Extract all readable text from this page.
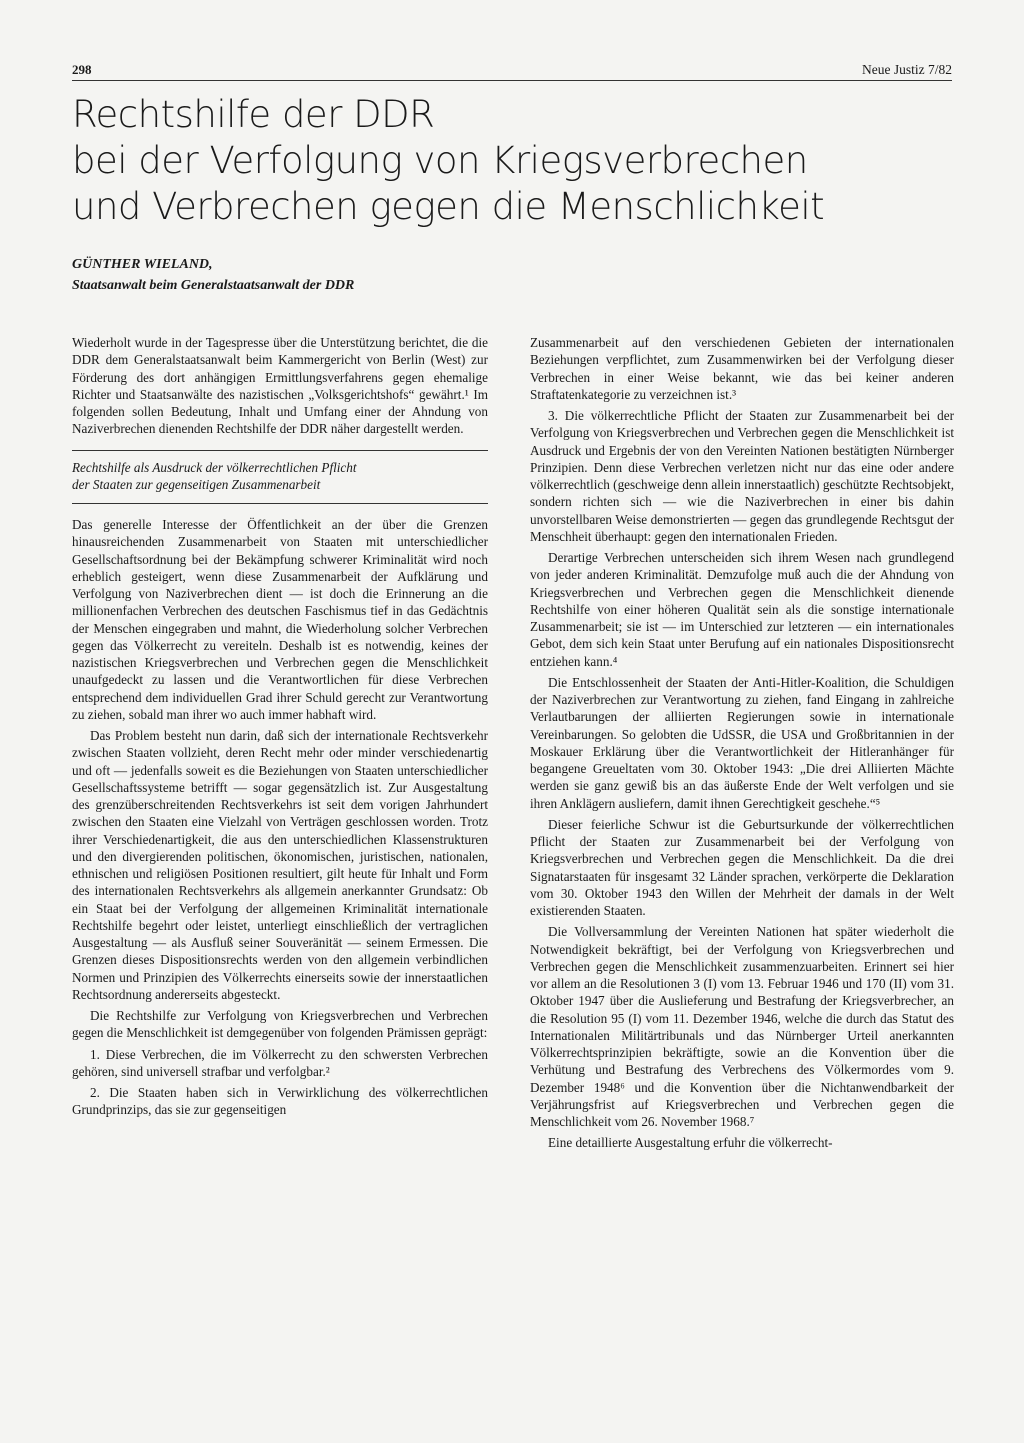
298	Neue Justiz 7/82
Rechtshilfe der DDR
bei der Verfolgung von Kriegsverbrechen
und Verbrechen gegen die Menschlichkeit
GÜNTHER WIELAND,
Staatsanwalt beim Generalstaatsanwalt der DDR

Wiederholt wurde in der Tagespresse über die Unterstützung berichtet, die die DDR dem Generalstaatsanwalt beim Kammergericht von Berlin (West) zur Förderung des dort anhängigen Ermittlungsverfahrens gegen ehemalige Richter und Staatsanwälte des nazistischen „Volksgerichtshofs“ gewährt.¹ Im folgenden sollen Bedeutung, Inhalt und Umfang einer der Ahndung von Naziverbrechen dienenden Rechtshilfe der DDR näher dargestellt werden.

Rechtshilfe als Ausdruck der völkerrechtlichen Pflicht
der Staaten zur gegenseitigen Zusammenarbeit

Das generelle Interesse der Öffentlichkeit an der über die Grenzen hinausreichenden Zusammenarbeit von Staaten mit unterschiedlicher Gesellschaftsordnung bei der Bekämpfung schwerer Kriminalität wird noch erheblich gesteigert, wenn diese Zusammenarbeit der Aufklärung und Verfolgung von Naziverbrechen dient — ist doch die Erinnerung an die millionenfachen Verbrechen des deutschen Faschismus tief in das Gedächtnis der Menschen eingegraben und mahnt, die Wiederholung solcher Verbrechen gegen das Völkerrecht zu vereiteln. Deshalb ist es notwendig, keines der nazistischen Kriegsverbrechen und Verbrechen gegen die Menschlichkeit unaufgedeckt zu lassen und die Verantwortlichen für diese Verbrechen entsprechend dem individuellen Grad ihrer Schuld gerecht zur Verantwortung zu ziehen, sobald man ihrer wo auch immer habhaft wird.

Das Problem besteht nun darin, daß sich der internationale Rechtsverkehr zwischen Staaten vollzieht, deren Recht mehr oder minder verschiedenartig und oft — jedenfalls soweit es die Beziehungen von Staaten unterschiedlicher Gesellschaftssysteme betrifft — sogar gegensätzlich ist. Zur Ausgestaltung des grenzüberschreitenden Rechtsverkehrs ist seit dem vorigen Jahrhundert zwischen den Staaten eine Vielzahl von Verträgen geschlossen worden. Trotz ihrer Verschiedenartigkeit, die aus den unterschiedlichen Klassenstrukturen und den divergierenden politischen, ökonomischen, juristischen, nationalen, ethnischen und religiösen Positionen resultiert, gilt heute für Inhalt und Form des internationalen Rechtsverkehrs als allgemein anerkannter Grundsatz: Ob ein Staat bei der Verfolgung der allgemeinen Kriminalität internationale Rechtshilfe begehrt oder leistet, unterliegt einschließlich der vertraglichen Ausgestaltung — als Ausfluß seiner Souveränität — seinem Ermessen. Die Grenzen dieses Dispositionsrechts werden von den allgemein verbindlichen Normen und Prinzipien des Völkerrechts einerseits sowie der innerstaatlichen Rechtsordnung andererseits abgesteckt.

Die Rechtshilfe zur Verfolgung von Kriegsverbrechen und Verbrechen gegen die Menschlichkeit ist demgegenüber von folgenden Prämissen geprägt:

1. Diese Verbrechen, die im Völkerrecht zu den schwersten Verbrechen gehören, sind universell strafbar und verfolgbar.²

2. Die Staaten haben sich in Verwirklichung des völkerrechtlichen Grundprinzips, das sie zur gegenseitigen

Zusammenarbeit auf den verschiedenen Gebieten der internationalen Beziehungen verpflichtet, zum Zusammenwirken bei der Verfolgung dieser Verbrechen in einer Weise bekannt, wie das bei keiner anderen Straftatenkategorie zu verzeichnen ist.³

3. Die völkerrechtliche Pflicht der Staaten zur Zusammenarbeit bei der Verfolgung von Kriegsverbrechen und Verbrechen gegen die Menschlichkeit ist Ausdruck und Ergebnis der von den Vereinten Nationen bestätigten Nürnberger Prinzipien. Denn diese Verbrechen verletzen nicht nur das eine oder andere völkerrechtlich (geschweige denn allein innerstaatlich) geschützte Rechtsobjekt, sondern richten sich — wie die Naziverbrechen in einer bis dahin unvorstellbaren Weise demonstrierten — gegen das grundlegende Rechtsgut der Menschheit überhaupt: gegen den internationalen Frieden.

Derartige Verbrechen unterscheiden sich ihrem Wesen nach grundlegend von jeder anderen Kriminalität. Demzufolge muß auch die der Ahndung von Kriegsverbrechen und Verbrechen gegen die Menschlichkeit dienende Rechtshilfe von einer höheren Qualität sein als die sonstige internationale Zusammenarbeit; sie ist — im Unterschied zur letzteren — ein internationales Gebot, dem sich kein Staat unter Berufung auf ein nationales Dispositionsrecht entziehen kann.⁴

Die Entschlossenheit der Staaten der Anti-Hitler-Koalition, die Schuldigen der Naziverbrechen zur Verantwortung zu ziehen, fand Eingang in zahlreiche Verlautbarungen der alliierten Regierungen sowie in internationale Vereinbarungen. So gelobten die UdSSR, die USA und Großbritannien in der Moskauer Erklärung über die Verantwortlichkeit der Hitleranhänger für begangene Greueltaten vom 30. Oktober 1943: „Die drei Alliierten Mächte werden sie ganz gewiß bis an das äußerste Ende der Welt verfolgen und sie ihren Anklägern ausliefern, damit ihnen Gerechtigkeit geschehe.“⁵

Dieser feierliche Schwur ist die Geburtsurkunde der völkerrechtlichen Pflicht der Staaten zur Zusammenarbeit bei der Verfolgung von Kriegsverbrechen und Verbrechen gegen die Menschlichkeit. Da die drei Signatarstaaten für insgesamt 32 Länder sprachen, verkörperte die Deklaration vom 30. Oktober 1943 den Willen der Mehrheit der damals in der Welt existierenden Staaten.

Die Vollversammlung der Vereinten Nationen hat später wiederholt die Notwendigkeit bekräftigt, bei der Verfolgung von Kriegsverbrechen und Verbrechen gegen die Menschlichkeit zusammenzuarbeiten. Erinnert sei hier vor allem an die Resolutionen 3 (I) vom 13. Februar 1946 und 170 (II) vom 31. Oktober 1947 über die Auslieferung und Bestrafung der Kriegsverbrecher, an die Resolution 95 (I) vom 11. Dezember 1946, welche die durch das Statut des Internationalen Militärtribunals und das Nürnberger Urteil anerkannten Völkerrechtsprinzipien bekräftigte, sowie an die Konvention über die Verhütung und Bestrafung des Verbrechens des Völkermordes vom 9. Dezember 1948⁶ und die Konvention über die Nichtanwendbarkeit der Verjährungsfrist auf Kriegsverbrechen und Verbrechen gegen die Menschlichkeit vom 26. November 1968.⁷

Eine detaillierte Ausgestaltung erfuhr die völkerrecht-
